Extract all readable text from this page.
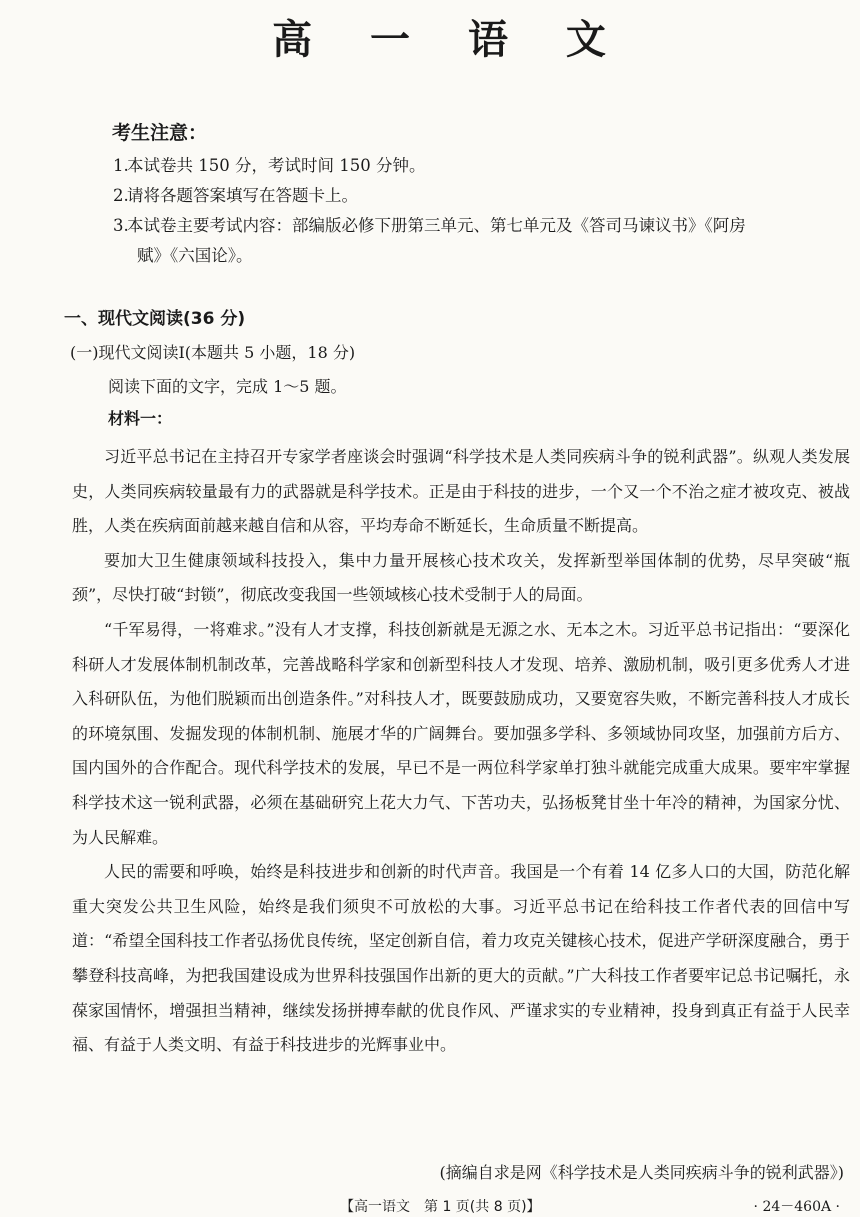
高 一 语 文
考生注意：
1.本试卷共 150 分，考试时间 150 分钟。
2.请将各题答案填写在答题卡上。
3.本试卷主要考试内容：部编版必修下册第三单元、第七单元及《答司马谏议书》《阿房
赋》《六国论》。
一、现代文阅读(36 分)
(一)现代文阅读Ⅰ(本题共 5 小题，18 分)
阅读下面的文字，完成 1～5 题。
材料一：

习近平总书记在主持召开专家学者座谈会时强调“科学技术是人类同疾病斗争的锐利武器”。纵观人类发展史，人类同疾病较量最有力的武器就是科学技术。正是由于科技的进步，一个又一个不治之症才被攻克、被战胜，人类在疾病面前越来越自信和从容，平均寿命不断延长，生命质量不断提高。

要加大卫生健康领域科技投入，集中力量开展核心技术攻关，发挥新型举国体制的优势，尽早突破“瓶颈”，尽快打破“封锁”，彻底改变我国一些领域核心技术受制于人的局面。

“千军易得，一将难求。”没有人才支撑，科技创新就是无源之水、无本之木。习近平总书记指出：“要深化科研人才发展体制机制改革，完善战略科学家和创新型科技人才发现、培养、激励机制，吸引更多优秀人才进入科研队伍，为他们脱颖而出创造条件。”对科技人才，既要鼓励成功，又要宽容失败，不断完善科技人才成长的环境氛围、发掘发现的体制机制、施展才华的广阔舞台。要加强多学科、多领域协同攻坚，加强前方后方、国内国外的合作配合。现代科学技术的发展，早已不是一两位科学家单打独斗就能完成重大成果。要牢牢掌握科学技术这一锐利武器，必须在基础研究上花大力气、下苦功夫，弘扬板凳甘坐十年冷的精神，为国家分忧、为人民解难。

人民的需要和呼唤，始终是科技进步和创新的时代声音。我国是一个有着 14 亿多人口的大国，防范化解重大突发公共卫生风险，始终是我们须臾不可放松的大事。习近平总书记在给科技工作者代表的回信中写道：“希望全国科技工作者弘扬优良传统，坚定创新自信，着力攻克关键核心技术，促进产学研深度融合，勇于攀登科技高峰，为把我国建设成为世界科技强国作出新的更大的贡献。”广大科技工作者要牢记总书记嘱托，永葆家国情怀，增强担当精神，继续发扬拼搏奉献的优良作风、严谨求实的专业精神，投身到真正有益于人民幸福、有益于人类文明、有益于科技进步的光辉事业中。

(摘编自求是网《科学技术是人类同疾病斗争的锐利武器》)
【高一语文　第 1 页(共 8 页)】	· 24－460A ·
